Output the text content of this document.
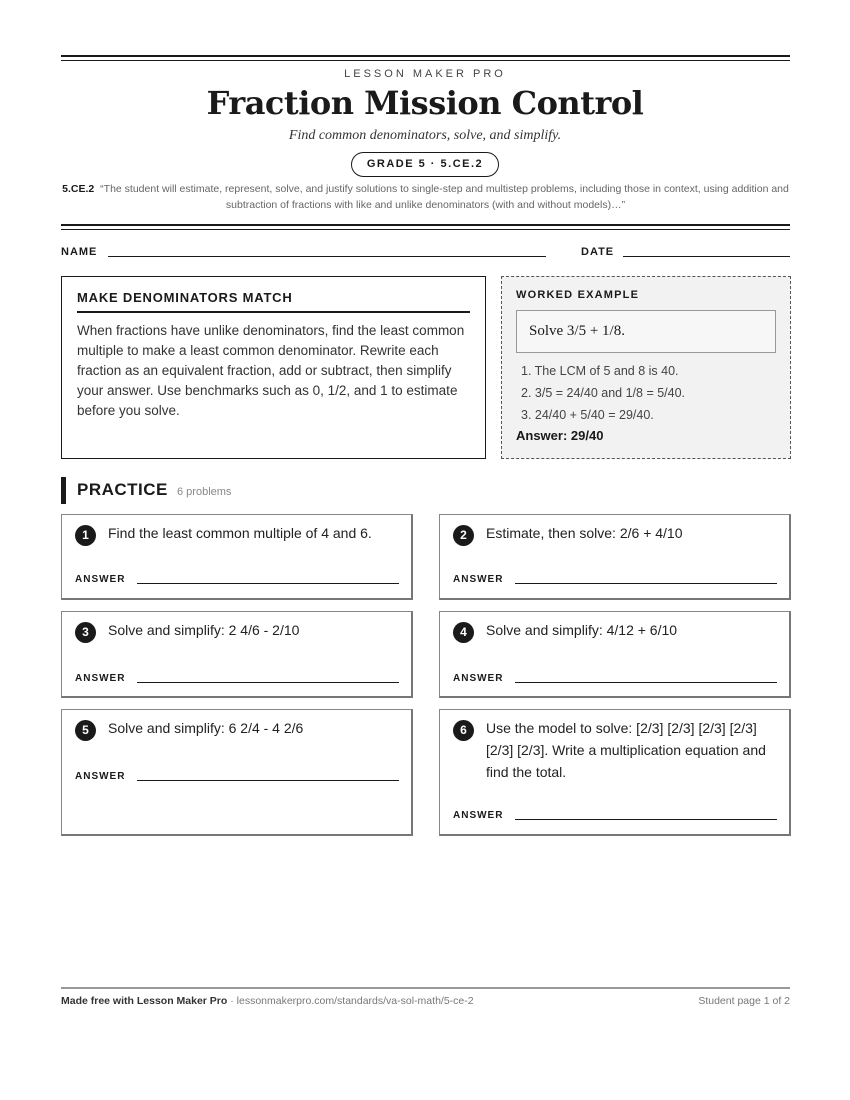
LESSON MAKER PRO
Fraction Mission Control
Find common denominators, solve, and simplify.
GRADE 5 · 5.CE.2
5.CE.2 “The student will estimate, represent, solve, and justify solutions to single-step and multistep problems, including those in context, using addition and subtraction of fractions with like and unlike denominators (with and without models)…”
NAME	DATE
MAKE DENOMINATORS MATCH
When fractions have unlike denominators, find the least common multiple to make a least common denominator. Rewrite each fraction as an equivalent fraction, add or subtract, then simplify your answer. Use benchmarks such as 0, 1/2, and 1 to estimate before you solve.
WORKED EXAMPLE
Solve 3/5 + 1/8.
1. The LCM of 5 and 8 is 40.
2. 3/5 = 24/40 and 1/8 = 5/40.
3. 24/40 + 5/40 = 29/40.
Answer: 29/40
PRACTICE 6 problems
1	Find the least common multiple of 4 and 6.
ANSWER
2	Estimate, then solve: 2/6 + 4/10
ANSWER
3	Solve and simplify: 2 4/6 - 2/10
ANSWER
4	Solve and simplify: 4/12 + 6/10
ANSWER
5	Solve and simplify: 6 2/4 - 4 2/6
ANSWER
6	Use the model to solve: [2/3] [2/3] [2/3] [2/3] [2/3] [2/3]. Write a multiplication equation and find the total.
ANSWER
Made free with Lesson Maker Pro · lessonmakerpro.com/standards/va-sol-math/5-ce-2	Student page 1 of 2
